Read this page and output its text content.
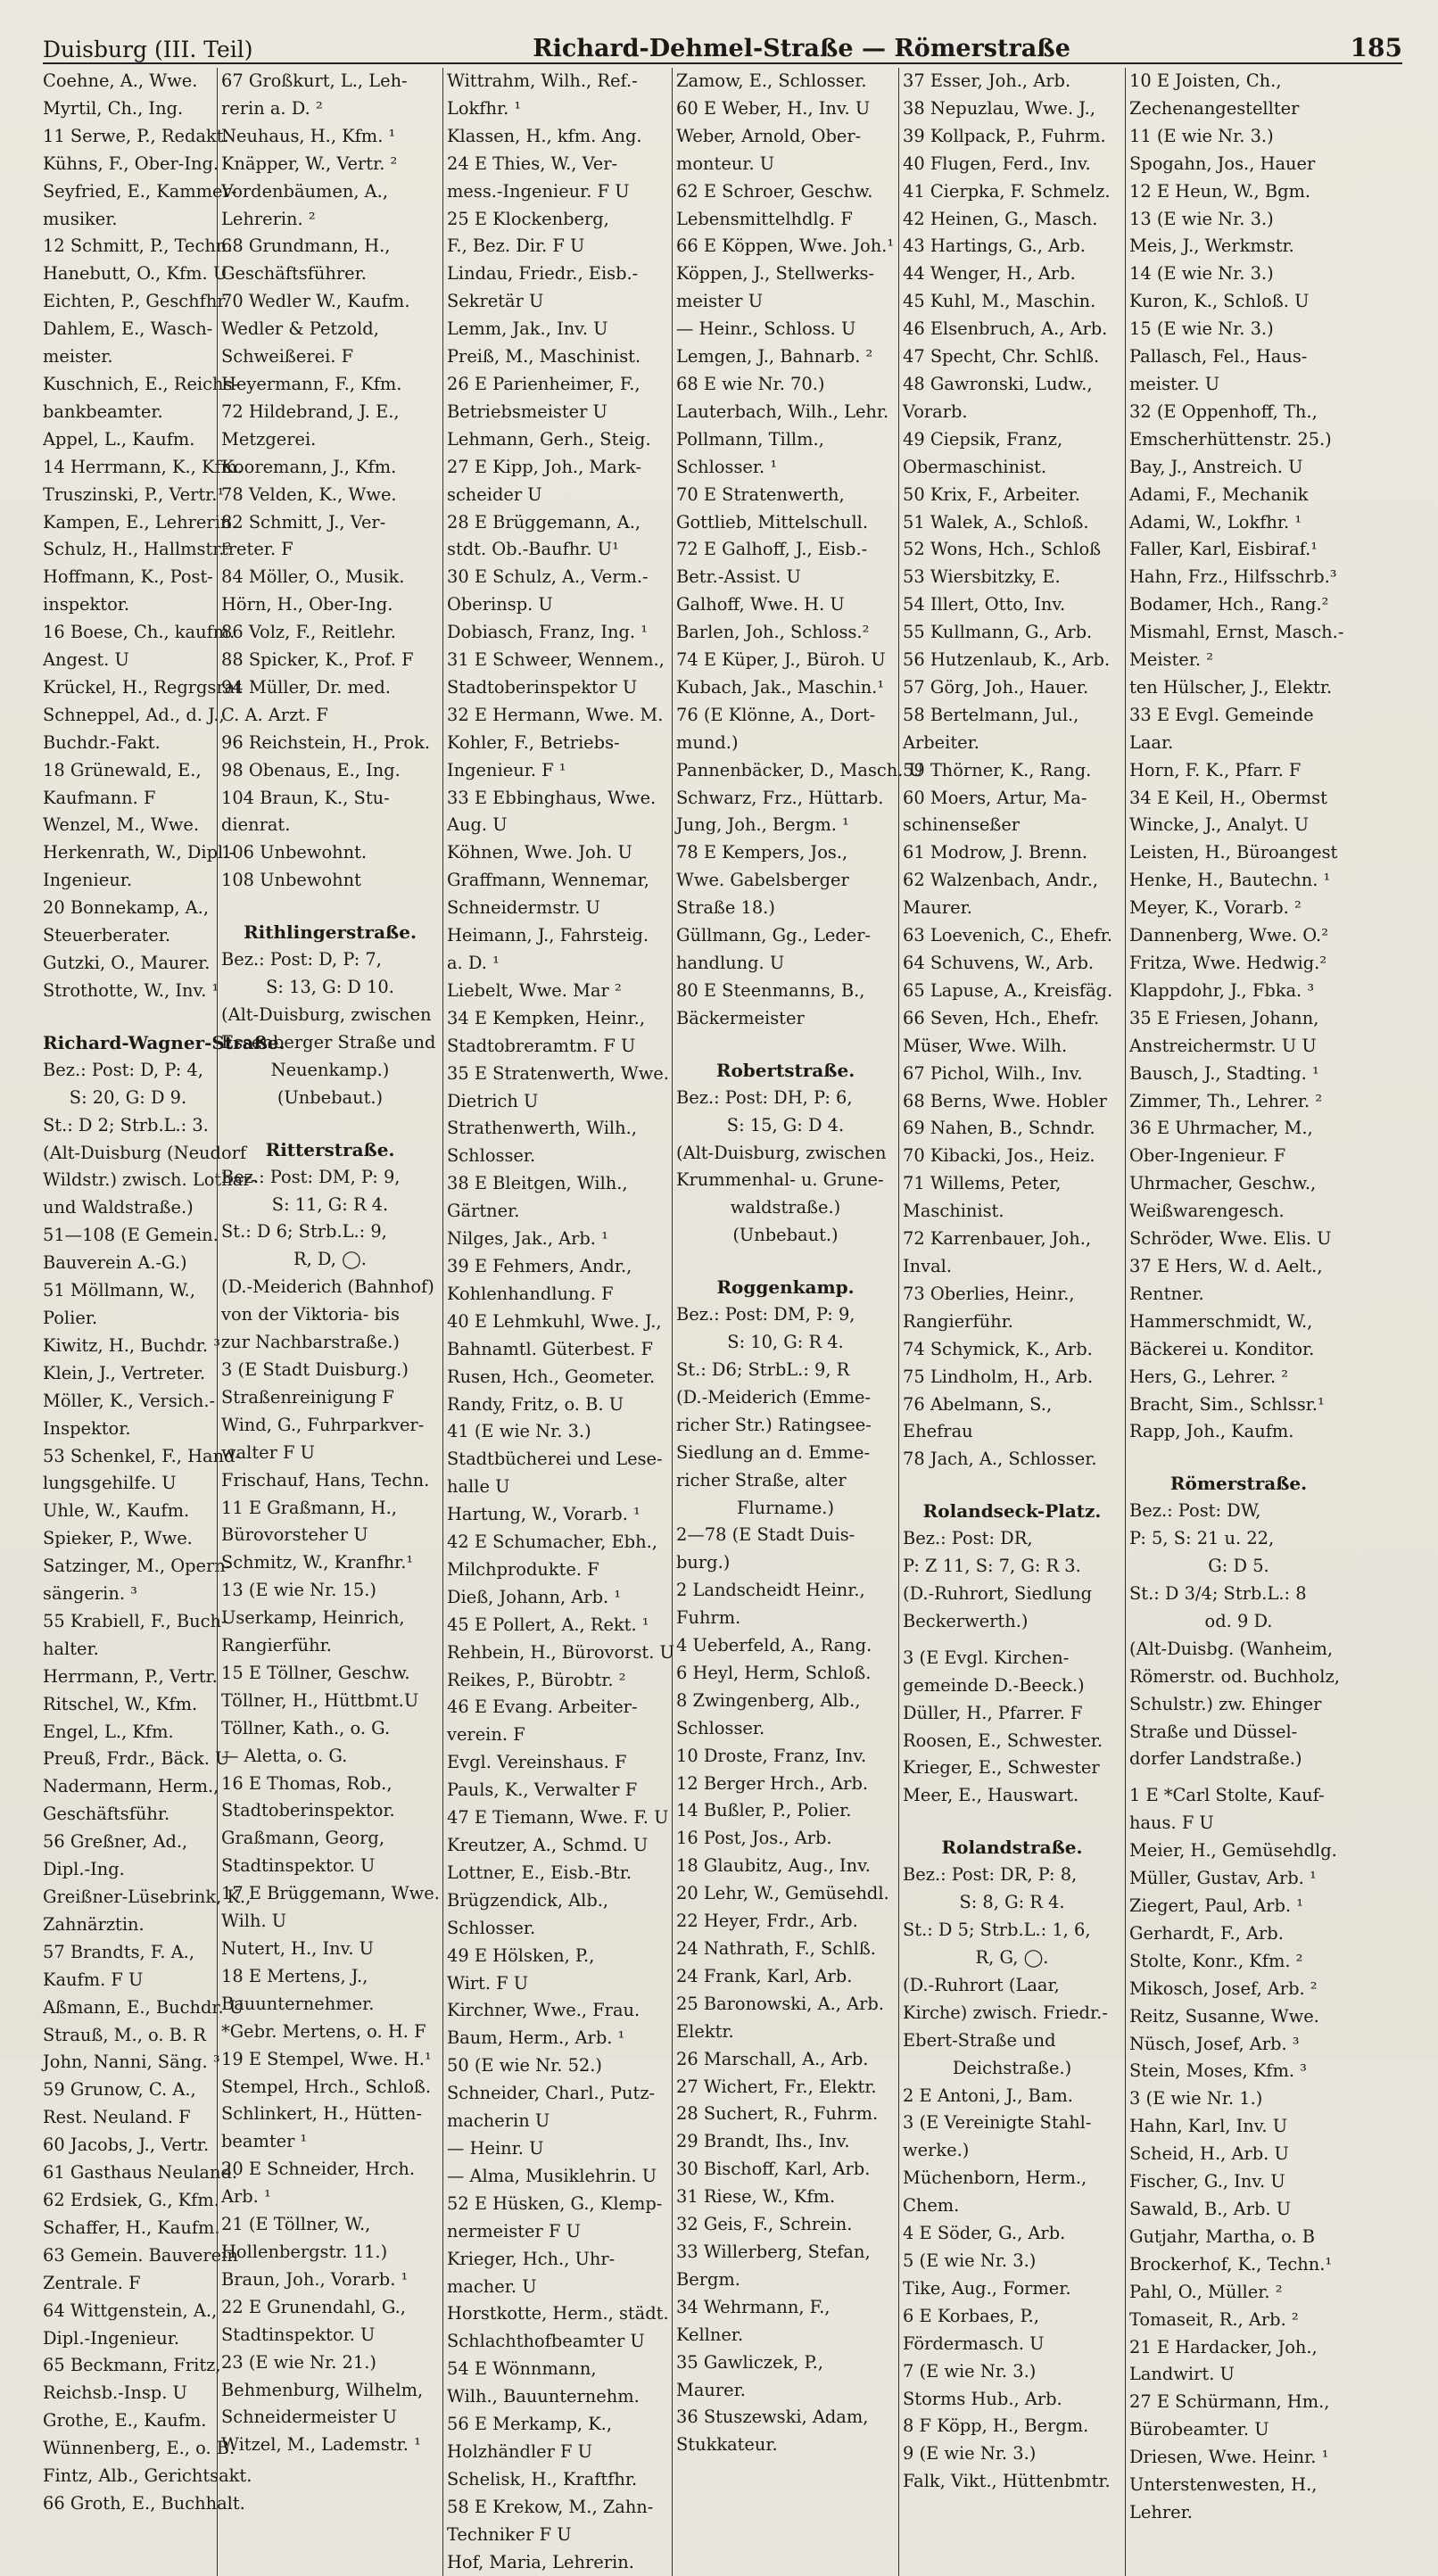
Duisburg (III. Teil)	Richard-Dehmel-Straße — Römerstraße	185
Coehne, A., Wwe.
Myrtil, Ch., Ing.
11 Serwe, P., Redakt.
Kühns, F., Ober-Ing.
Seyfried, E., Kammer-
musiker.
12 Schmitt, P., Techn.
Hanebutt, O., Kfm. U
Eichten, P., Geschfhr.
Dahlem, E., Wasch-
meister.
Kuschnich, E., Reichs-
bankbeamter.
Appel, L., Kaufm.
14 Herrmann, K., Kfm.
Truszinski, P., Vertr.¹
Kampen, E., Lehrerin.
Schulz, H., Hallmstr.²
Hoffmann, K., Post-
inspektor.
16 Boese, Ch., kaufm.
Angest. U
Krückel, H., Regrgsrat
Schneppel, Ad., d. J.,
Buchdr.-Fakt.
18 Grünewald, E.,
Kaufmann. F
Wenzel, M., Wwe.
Herkenrath, W., Dipl.-
Ingenieur.
20 Bonnekamp, A.,
Steuerberater.
Gutzki, O., Maurer.
Strothotte, W., Inv. ¹
Richard-Wagner-Straße.
Bez.: Post: D, P: 4,
S: 20, G: D 9.
St.: D 2; Strb.L.: 3.
(Alt-Duisburg (Neudorf
Wildstr.) zwisch. Lothar-
und Waldstraße.)
51—108 (E Gemein.
Bauverein A.-G.)
51 Möllmann, W.,
Polier.
Kiwitz, H., Buchdr. ³
Klein, J., Vertreter.
Möller, K., Versich.-
Inspektor.
53 Schenkel, F., Hand-
lungsgehilfe. U
Uhle, W., Kaufm.
Spieker, P., Wwe.
Satzinger, M., Opern-
sängerin. ³
55 Krabiell, F., Buch-
halter.
Herrmann, P., Vertr.
Ritschel, W., Kfm.
Engel, L., Kfm.
Preuß, Frdr., Bäck. U
Nadermann, Herm.,
Geschäftsführ.
56 Greßner, Ad.,
Dipl.-Ing.
Greißner-Lüsebrink, K.,
Zahnärztin.
57 Brandts, F. A.,
Kaufm. F U
Aßmann, E., Buchdr. U
Strauß, M., o. B. R
John, Nanni, Säng. ³
59 Grunow, C. A.,
Rest. Neuland. F
60 Jacobs, J., Vertr.
61 Gasthaus Neuland.
62 Erdsiek, G., Kfm.
Schaffer, H., Kaufm.
63 Gemein. Bauverein
Zentrale. F
64 Wittgenstein, A.,
Dipl.-Ingenieur.
65 Beckmann, Fritz,
Reichsb.-Insp. U
Grothe, E., Kaufm.
Wünnenberg, E., o. B.
Fintz, Alb., Gerichtsakt.
66 Groth, E., Buchhalt.
67 Großkurt, L., Leh-
rerin a. D. ²
Neuhaus, H., Kfm. ¹
Knäpper, W., Vertr. ²
Vordenbäumen, A.,
Lehrerin. ²
68 Grundmann, H.,
Geschäftsführer.
70 Wedler W., Kaufm.
Wedler & Petzold,
Schweißerei. F
Heyermann, F., Kfm.
72 Hildebrand, J. E.,
Metzgerei.
Kooremann, J., Kfm.
78 Velden, K., Wwe.
82 Schmitt, J., Ver-
treter. F
84 Möller, O., Musik.
Hörn, H., Ober-Ing.
86 Volz, F., Reitlehr.
88 Spicker, K., Prof. F
94 Müller, Dr. med.
C. A. Arzt. F
96 Reichstein, H., Prok.
98 Obenaus, E., Ing.
104 Braun, K., Stu-
dienrat.
106 Unbewohnt.
108 Unbewohnt
Rithlingerstraße.
Bez.: Post: D, P: 7,
S: 13, G: D 10.
(Alt-Duisburg, zwischen
Essenberger Straße und
Neuenkamp.)
(Unbebaut.)
Ritterstraße.
Bez.: Post: DM, P: 9,
S: 11, G: R 4.
St.: D 6; Strb.L.: 9,
R, D, ◯.
(D.-Meiderich (Bahnhof)
von der Viktoria- bis
zur Nachbarstraße.)
3 (E Stadt Duisburg.)
Straßenreinigung F
Wind, G., Fuhrparkver-
walter F U
Frischauf, Hans, Techn.
11 E Graßmann, H.,
Bürovorsteher U
Schmitz, W., Kranfhr.¹
13 (E wie Nr. 15.)
Userkamp, Heinrich,
Rangierführ.
15 E Töllner, Geschw.
Töllner, H., Hüttbmt.U
Töllner, Kath., o. G.
— Aletta, o. G.
16 E Thomas, Rob.,
Stadtoberinspektor.
Graßmann, Georg,
Stadtinspektor. U
17 E Brüggemann, Wwe.
Wilh. U
Nutert, H., Inv. U
18 E Mertens, J.,
Bauunternehmer.
*Gebr. Mertens, o. H. F
19 E Stempel, Wwe. H.¹
Stempel, Hrch., Schloß.
Schlinkert, H., Hütten-
beamter ¹
20 E Schneider, Hrch.
Arb. ¹
21 (E Töllner, W.,
Hollenbergstr. 11.)
Braun, Joh., Vorarb. ¹
22 E Grunendahl, G.,
Stadtinspektor. U
23 (E wie Nr. 21.)
Behmenburg, Wilhelm,
Schneidermeister U
Witzel, M., Lademstr. ¹
Wittrahm, Wilh., Ref.-
Lokfhr. ¹
Klassen, H., kfm. Ang.
24 E Thies, W., Ver-
mess.-Ingenieur. F U
25 E Klockenberg,
F., Bez. Dir. F U
Lindau, Friedr., Eisb.-
Sekretär U
Lemm, Jak., Inv. U
Preiß, M., Maschinist.
26 E Parienheimer, F.,
Betriebsmeister U
Lehmann, Gerh., Steig.
27 E Kipp, Joh., Mark-
scheider U
28 E Brüggemann, A.,
stdt. Ob.-Baufhr. U¹
30 E Schulz, A., Verm.-
Oberinsp. U
Dobiasch, Franz, Ing. ¹
31 E Schweer, Wennem.,
Stadtoberinspektor U
32 E Hermann, Wwe. M.
Kohler, F., Betriebs-
Ingenieur. F ¹
33 E Ebbinghaus, Wwe.
Aug. U
Köhnen, Wwe. Joh. U
Graffmann, Wennemar,
Schneidermstr. U
Heimann, J., Fahrsteig.
a. D. ¹
Liebelt, Wwe. Mar ²
34 E Kempken, Heinr.,
Stadtobreramtm. F U
35 E Stratenwerth, Wwe.
Dietrich U
Strathenwerth, Wilh.,
Schlosser.
38 E Bleitgen, Wilh.,
Gärtner.
Nilges, Jak., Arb. ¹
39 E Fehmers, Andr.,
Kohlenhandlung. F
40 E Lehmkuhl, Wwe. J.,
Bahnamtl. Güterbest. F
Rusen, Hch., Geometer.
Randy, Fritz, o. B. U
41 (E wie Nr. 3.)
Stadtbücherei und Lese-
halle U
Hartung, W., Vorarb. ¹
42 E Schumacher, Ebh.,
Milchprodukte. F
Dieß, Johann, Arb. ¹
45 E Pollert, A., Rekt. ¹
Rehbein, H., Bürovorst. U
Reikes, P., Bürobtr. ²
46 E Evang. Arbeiter-
verein. F
Evgl. Vereinshaus. F
Pauls, K., Verwalter F
47 E Tiemann, Wwe. F. U
Kreutzer, A., Schmd. U
Lottner, E., Eisb.-Btr.
Brügzendick, Alb.,
Schlosser.
49 E Hölsken, P.,
Wirt. F U
Kirchner, Wwe., Frau.
Baum, Herm., Arb. ¹
50 (E wie Nr. 52.)
Schneider, Charl., Putz-
macherin U
— Heinr. U
— Alma, Musiklehrin. U
52 E Hüsken, G., Klemp-
nermeister F U
Krieger, Hch., Uhr-
macher. U
Horstkotte, Herm., städt.
Schlachthofbeamter U
54 E Wönnmann,
Wilh., Bauunternehm.
56 E Merkamp, K.,
Holzhändler F U
Schelisk, H., Kraftfhr.
58 E Krekow, M., Zahn-
Techniker F U
Hof, Maria, Lehrerin.
Zamow, E., Schlosser.
60 E Weber, H., Inv. U
Weber, Arnold, Ober-
monteur. U
62 E Schroer, Geschw.
Lebensmittelhdlg. F
66 E Köppen, Wwe. Joh.¹
Köppen, J., Stellwerks-
meister U
— Heinr., Schloss. U
Lemgen, J., Bahnarb. ²
68 E wie Nr. 70.)
Lauterbach, Wilh., Lehr.
Pollmann, Tillm.,
Schlosser. ¹
70 E Stratenwerth,
Gottlieb, Mittelschull.
72 E Galhoff, J., Eisb.-
Betr.-Assist. U
Galhoff, Wwe. H. U
Barlen, Joh., Schloss.²
74 E Küper, J., Büroh. U
Kubach, Jak., Maschin.¹
76 (E Klönne, A., Dort-
mund.)
Pannenbäcker, D., Masch. U
Schwarz, Frz., Hüttarb.
Jung, Joh., Bergm. ¹
78 E Kempers, Jos.,
Wwe. Gabelsberger
Straße 18.)
Güllmann, Gg., Leder-
handlung. U
80 E Steenmanns, B.,
Bäckermeister
Robertstraße.
Bez.: Post: DH, P: 6,
S: 15, G: D 4.
(Alt-Duisburg, zwischen
Krummenhal- u. Grune-
waldstraße.)
(Unbebaut.)
Roggenkamp.
Bez.: Post: DM, P: 9,
S: 10, G: R 4.
St.: D6; StrbL.: 9, R
(D.-Meiderich (Emme-
richer Str.) Ratingsee-
Siedlung an d. Emme-
richer Straße, alter
Flurname.)
2—78 (E Stadt Duis-
burg.)
2 Landscheidt Heinr.,
Fuhrm.
4 Ueberfeld, A., Rang.
6 Heyl, Herm, Schloß.
8 Zwingenberg, Alb.,
Schlosser.
10 Droste, Franz, Inv.
12 Berger Hrch., Arb.
14 Bußler, P., Polier.
16 Post, Jos., Arb.
18 Glaubitz, Aug., Inv.
20 Lehr, W., Gemüsehdl.
22 Heyer, Frdr., Arb.
24 Nathrath, F., Schlß.
24 Frank, Karl, Arb.
25 Baronowski, A., Arb.
Elektr.
26 Marschall, A., Arb.
27 Wichert, Fr., Elektr.
28 Suchert, R., Fuhrm.
29 Brandt, Ihs., Inv.
30 Bischoff, Karl, Arb.
31 Riese, W., Kfm.
32 Geis, F., Schrein.
33 Willerberg, Stefan,
Bergm.
34 Wehrmann, F.,
Kellner.
35 Gawliczek, P.,
Maurer.
36 Stuszewski, Adam,
Stukkateur.
37 Esser, Joh., Arb.
38 Nepuzlau, Wwe. J.,
39 Kollpack, P., Fuhrm.
40 Flugen, Ferd., Inv.
41 Cierpka, F. Schmelz.
42 Heinen, G., Masch.
43 Hartings, G., Arb.
44 Wenger, H., Arb.
45 Kuhl, M., Maschin.
46 Elsenbruch, A., Arb.
47 Specht, Chr. Schlß.
48 Gawronski, Ludw.,
Vorarb.
49 Ciepsik, Franz,
Obermaschinist.
50 Krix, F., Arbeiter.
51 Walek, A., Schloß.
52 Wons, Hch., Schloß
53 Wiersbitzky, E.
54 Illert, Otto, Inv.
55 Kullmann, G., Arb.
56 Hutzenlaub, K., Arb.
57 Görg, Joh., Hauer.
58 Bertelmann, Jul.,
Arbeiter.
59 Thörner, K., Rang.
60 Moers, Artur, Ma-
schinenseßer
61 Modrow, J. Brenn.
62 Walzenbach, Andr.,
Maurer.
63 Loevenich, C., Ehefr.
64 Schuvens, W., Arb.
65 Lapuse, A., Kreisfäg.
66 Seven, Hch., Ehefr.
Müser, Wwe. Wilh.
67 Pichol, Wilh., Inv.
68 Berns, Wwe. Hobler
69 Nahen, B., Schndr.
70 Kibacki, Jos., Heiz.
71 Willems, Peter,
Maschinist.
72 Karrenbauer, Joh.,
Inval.
73 Oberlies, Heinr.,
Rangierführ.
74 Schymick, K., Arb.
75 Lindholm, H., Arb.
76 Abelmann, S.,
Ehefrau
78 Jach, A., Schlosser.
Rolandseck-Platz.
Bez.: Post: DR,
P: Z 11, S: 7, G: R 3.
(D.-Ruhrort, Siedlung
Beckerwerth.)
3 (E Evgl. Kirchen-
gemeinde D.-Beeck.)
Düller, H., Pfarrer. F
Roosen, E., Schwester.
Krieger, E., Schwester
Meer, E., Hauswart.
Rolandstraße.
Bez.: Post: DR, P: 8,
S: 8, G: R 4.
St.: D 5; Strb.L.: 1, 6,
R, G, ◯.
(D.-Ruhrort (Laar,
Kirche) zwisch. Friedr.-
Ebert-Straße und
Deichstraße.)
2 E Antoni, J., Bam.
3 (E Vereinigte Stahl-
werke.)
Müchenborn, Herm.,
Chem.
4 E Söder, G., Arb.
5 (E wie Nr. 3.)
Tike, Aug., Former.
6 E Korbaes, P.,
Fördermasch. U
7 (E wie Nr. 3.)
Storms Hub., Arb.
8 F Köpp, H., Bergm.
9 (E wie Nr. 3.)
Falk, Vikt., Hüttenbmtr.
10 E Joisten, Ch.,
Zechenangestellter
11 (E wie Nr. 3.)
Spogahn, Jos., Hauer
12 E Heun, W., Bgm.
13 (E wie Nr. 3.)
Meis, J., Werkmstr.
14 (E wie Nr. 3.)
Kuron, K., Schloß. U
15 (E wie Nr. 3.)
Pallasch, Fel., Haus-
meister. U
32 (E Oppenhoff, Th.,
Emscherhüttenstr. 25.)
Bay, J., Anstreich. U
Adami, F., Mechanik
Adami, W., Lokfhr. ¹
Faller, Karl, Eisbiraf.¹
Hahn, Frz., Hilfsschrb.³
Bodamer, Hch., Rang.²
Mismahl, Ernst, Masch.-
Meister. ²
ten Hülscher, J., Elektr.
33 E Evgl. Gemeinde
Laar.
Horn, F. K., Pfarr. F
34 E Keil, H., Obermst
Wincke, J., Analyt. U
Leisten, H., Büroangest
Henke, H., Bautechn. ¹
Meyer, K., Vorarb. ²
Dannenberg, Wwe. O.²
Fritza, Wwe. Hedwig.²
Klappdohr, J., Fbka. ³
35 E Friesen, Johann,
Anstreichermstr. U U
Bausch, J., Stadting. ¹
Zimmer, Th., Lehrer. ²
36 E Uhrmacher, M.,
Ober-Ingenieur. F
Uhrmacher, Geschw.,
Weißwarengesch.
Schröder, Wwe. Elis. U
37 E Hers, W. d. Aelt.,
Rentner.
Hammerschmidt, W.,
Bäckerei u. Konditor.
Hers, G., Lehrer. ²
Bracht, Sim., Schlssr.¹
Rapp, Joh., Kaufm.
Römerstraße.
Bez.: Post: DW,
P: 5, S: 21 u. 22,
G: D 5.
St.: D 3/4; Strb.L.: 8
od. 9 D.
(Alt-Duisbg. (Wanheim,
Römerstr. od. Buchholz,
Schulstr.) zw. Ehinger
Straße und Düssel-
dorfer Landstraße.)
1 E *Carl Stolte, Kauf-
haus. F U
Meier, H., Gemüsehdlg.
Müller, Gustav, Arb. ¹
Ziegert, Paul, Arb. ¹
Gerhardt, F., Arb.
Stolte, Konr., Kfm. ²
Mikosch, Josef, Arb. ²
Reitz, Susanne, Wwe.
Nüsch, Josef, Arb. ³
Stein, Moses, Kfm. ³
3 (E wie Nr. 1.)
Hahn, Karl, Inv. U
Scheid, H., Arb. U
Fischer, G., Inv. U
Sawald, B., Arb. U
Gutjahr, Martha, o. B
Brockerhof, K., Techn.¹
Pahl, O., Müller. ²
Tomaseit, R., Arb. ²
21 E Hardacker, Joh.,
Landwirt. U
27 E Schürmann, Hm.,
Bürobeamter. U
Driesen, Wwe. Heinr. ¹
Unterstenwesten, H.,
Lehrer.
